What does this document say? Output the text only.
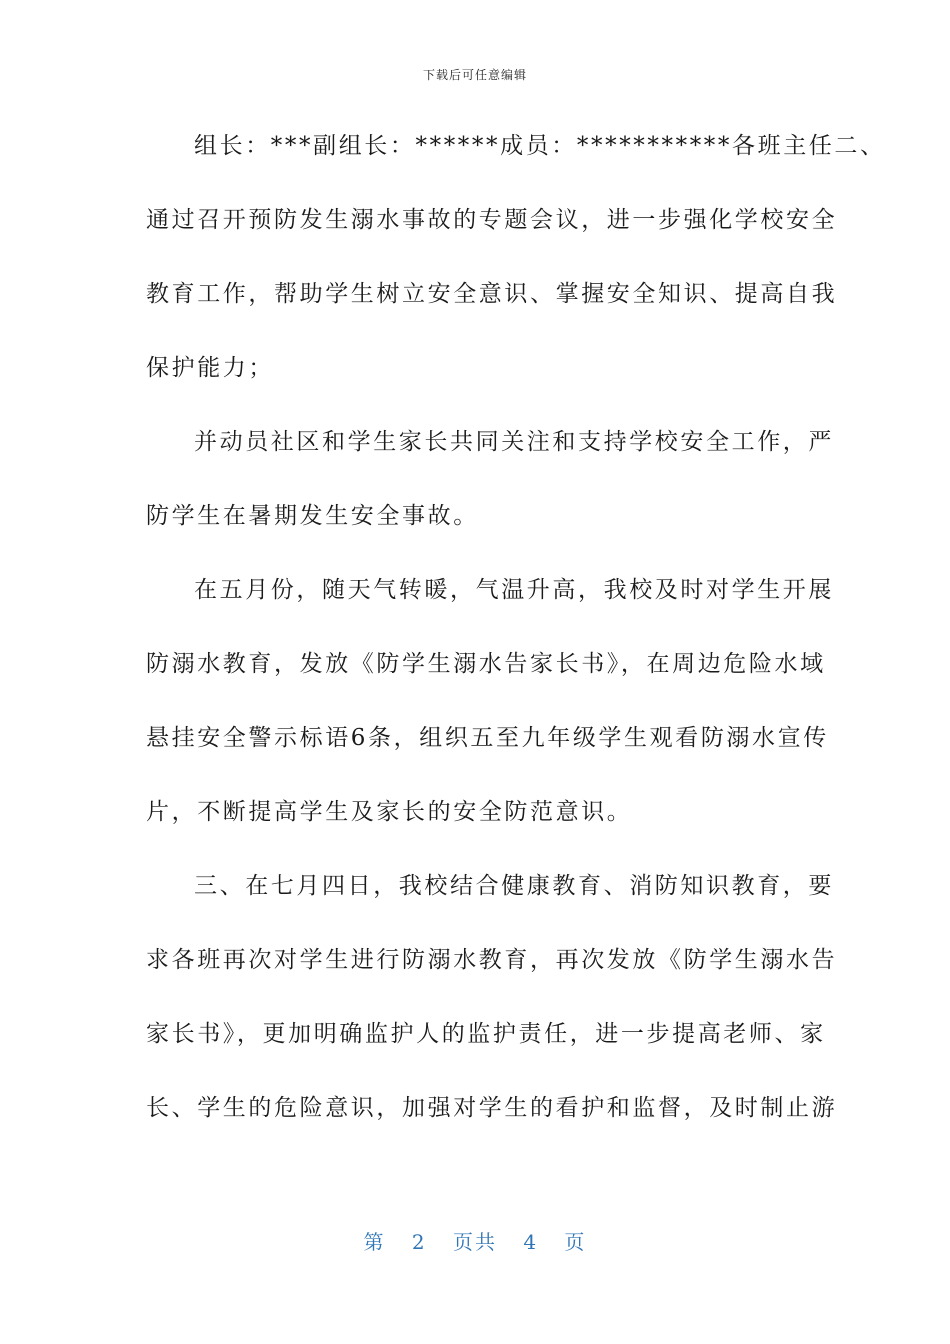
下载后可任意编辑
组长：***副组长：******成员：***********各班主任二、
通过召开预防发生溺水事故的专题会议，进一步强化学校安全
教育工作，帮助学生树立安全意识、掌握安全知识、提高自我
保护能力；
并动员社区和学生家长共同关注和支持学校安全工作，严
防学生在暑期发生安全事故。
在五月份，随天气转暖，气温升高，我校及时对学生开展
防溺水教育，发放《防学生溺水告家长书》，在周边危险水域
悬挂安全警示标语6条，组织五至九年级学生观看防溺水宣传
片，不断提高学生及家长的安全防范意识。
三、在七月四日，我校结合健康教育、消防知识教育，要
求各班再次对学生进行防溺水教育，再次发放《防学生溺水告
家长书》，更加明确监护人的监护责任，进一步提高老师、家
长、学生的危险意识，加强对学生的看护和监督，及时制止游
第 2 页共 4 页
